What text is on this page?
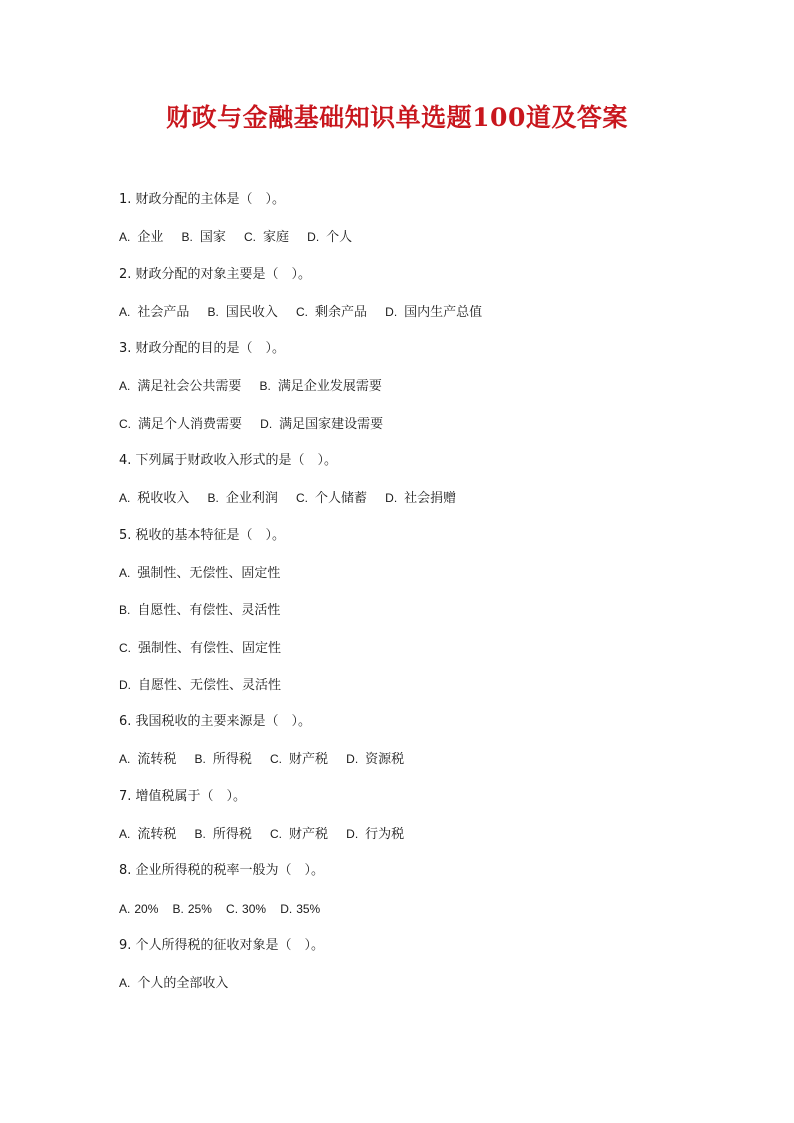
财政与金融基础知识单选题100道及答案
1. 财政分配的主体是（　）。
A. 企业 B. 国家 C. 家庭 D. 个人
2. 财政分配的对象主要是（　）。
A. 社会产品 B. 国民收入 C. 剩余产品 D. 国内生产总值
3. 财政分配的目的是（　）。
A. 满足社会公共需要 B. 满足企业发展需要
C. 满足个人消费需要 D. 满足国家建设需要
4. 下列属于财政收入形式的是（　）。
A. 税收收入 B. 企业利润 C. 个人储蓄 D. 社会捐赠
5. 税收的基本特征是（　）。
A. 强制性、无偿性、固定性
B. 自愿性、有偿性、灵活性
C. 强制性、有偿性、固定性
D. 自愿性、无偿性、灵活性
6. 我国税收的主要来源是（　）。
A. 流转税 B. 所得税 C. 财产税 D. 资源税
7. 增值税属于（　）。
A. 流转税 B. 所得税 C. 财产税 D. 行为税
8. 企业所得税的税率一般为（　）。
A. 20% B. 25% C. 30% D. 35%
9. 个人所得税的征收对象是（　）。
A. 个人的全部收入
